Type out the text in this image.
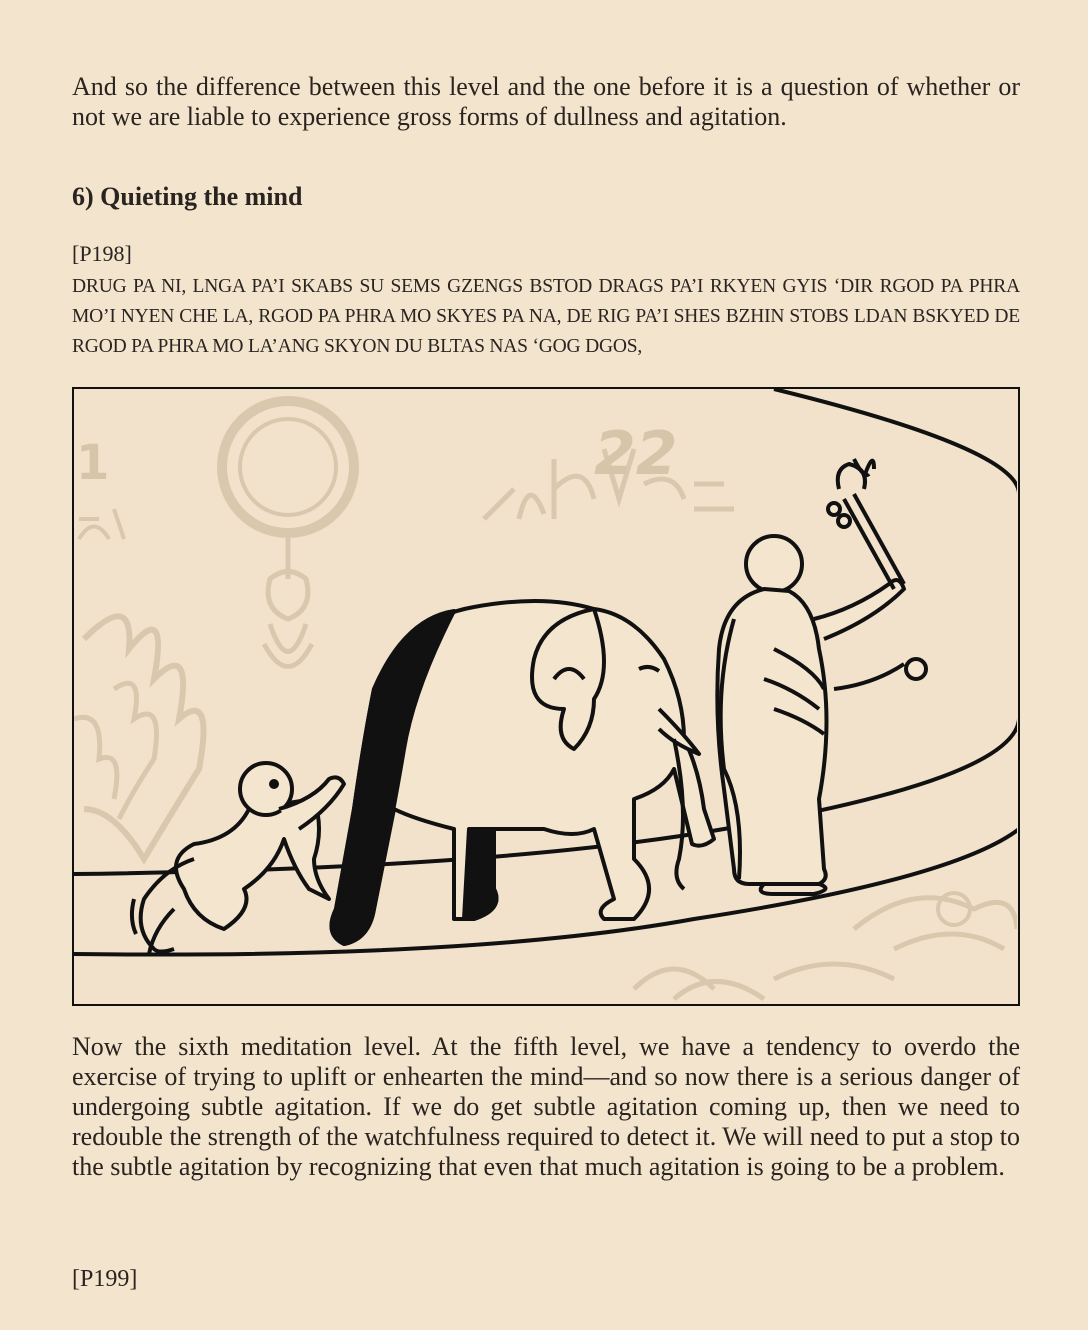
And so the difference between this level and the one before it is a question of whether or not we are liable to experience gross forms of dullness and agitation.

6) Quieting the mind

[P198]

DRUG PA NI, LNGA PA’I SKABS SU SEMS GZENGS BSTOD DRAGS PA’I RKYEN GYIS ‘DIR RGOD PA PHRA MO’I NYEN CHE LA, RGOD PA PHRA MO SKYES PA NA, DE RIG PA’I SHES BZHIN STOBS LDAN BSKYED DE RGOD PA PHRA MO LA’ANG SKYON DU BLTAS NAS ‘GOG DGOS,

22
1

Now the sixth meditation level. At the fifth level, we have a tendency to overdo the exercise of trying to uplift or enhearten the mind—and so now there is a serious danger of undergoing subtle agitation. If we do get subtle agitation coming up, then we need to redouble the strength of the watchfulness required to detect it. We will need to put a stop to the subtle agitation by recognizing that even that much agitation is going to be a problem.

[P199]
